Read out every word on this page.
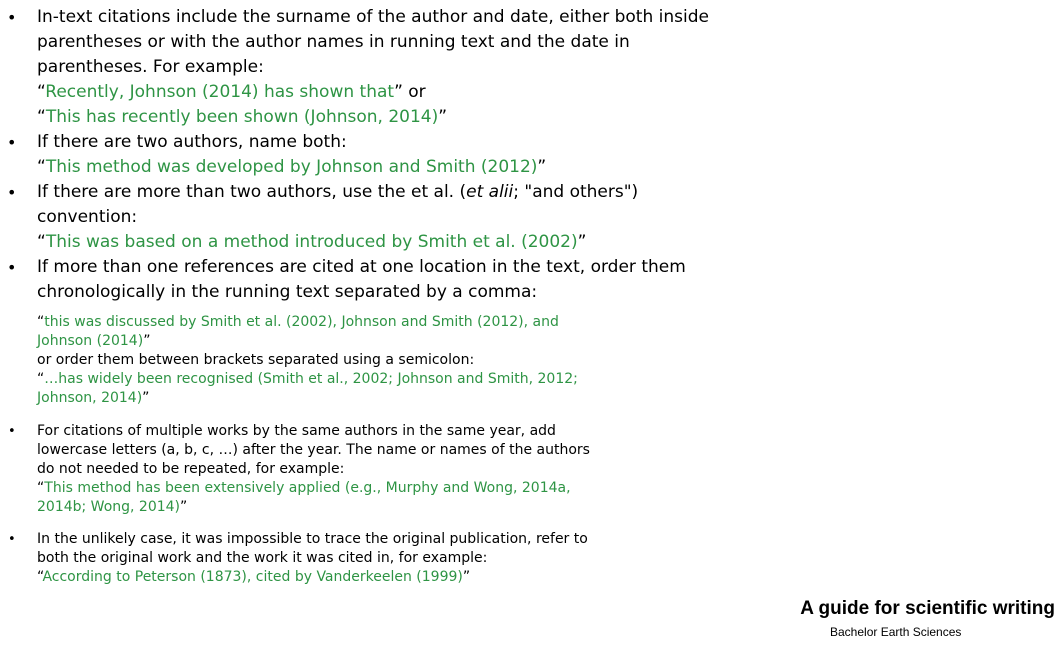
• In-text citations include the surname of the author and date, either both inside
parentheses or with the author names in running text and the date in
parentheses. For example:
“Recently, Johnson (2014) has shown that” or
“This has recently been shown (Johnson, 2014)”
• If there are two authors, name both:
“This method was developed by Johnson and Smith (2012)”
• If there are more than two authors, use the et al. (et alii; "and others")
convention:
“This was based on a method introduced by Smith et al. (2002)”
• If more than one references are cited at one location in the text, order them
chronologically in the running text separated by a comma:
“this was discussed by Smith et al. (2002), Johnson and Smith (2012), and
Johnson (2014)”
or order them between brackets separated using a semicolon:
“…has widely been recognised (Smith et al., 2002; Johnson and Smith, 2012;
Johnson, 2014)”
• For citations of multiple works by the same authors in the same year, add
lowercase letters (a, b, c, …) after the year. The name or names of the authors
do not needed to be repeated, for example:
“This method has been extensively applied (e.g., Murphy and Wong, 2014a,
2014b; Wong, 2014)”
• In the unlikely case, it was impossible to trace the original publication, refer to
both the original work and the work it was cited in, for example:
“According to Peterson (1873), cited by Vanderkeelen (1999)”
A guide for scientific writing
Bachelor Earth Sciences
